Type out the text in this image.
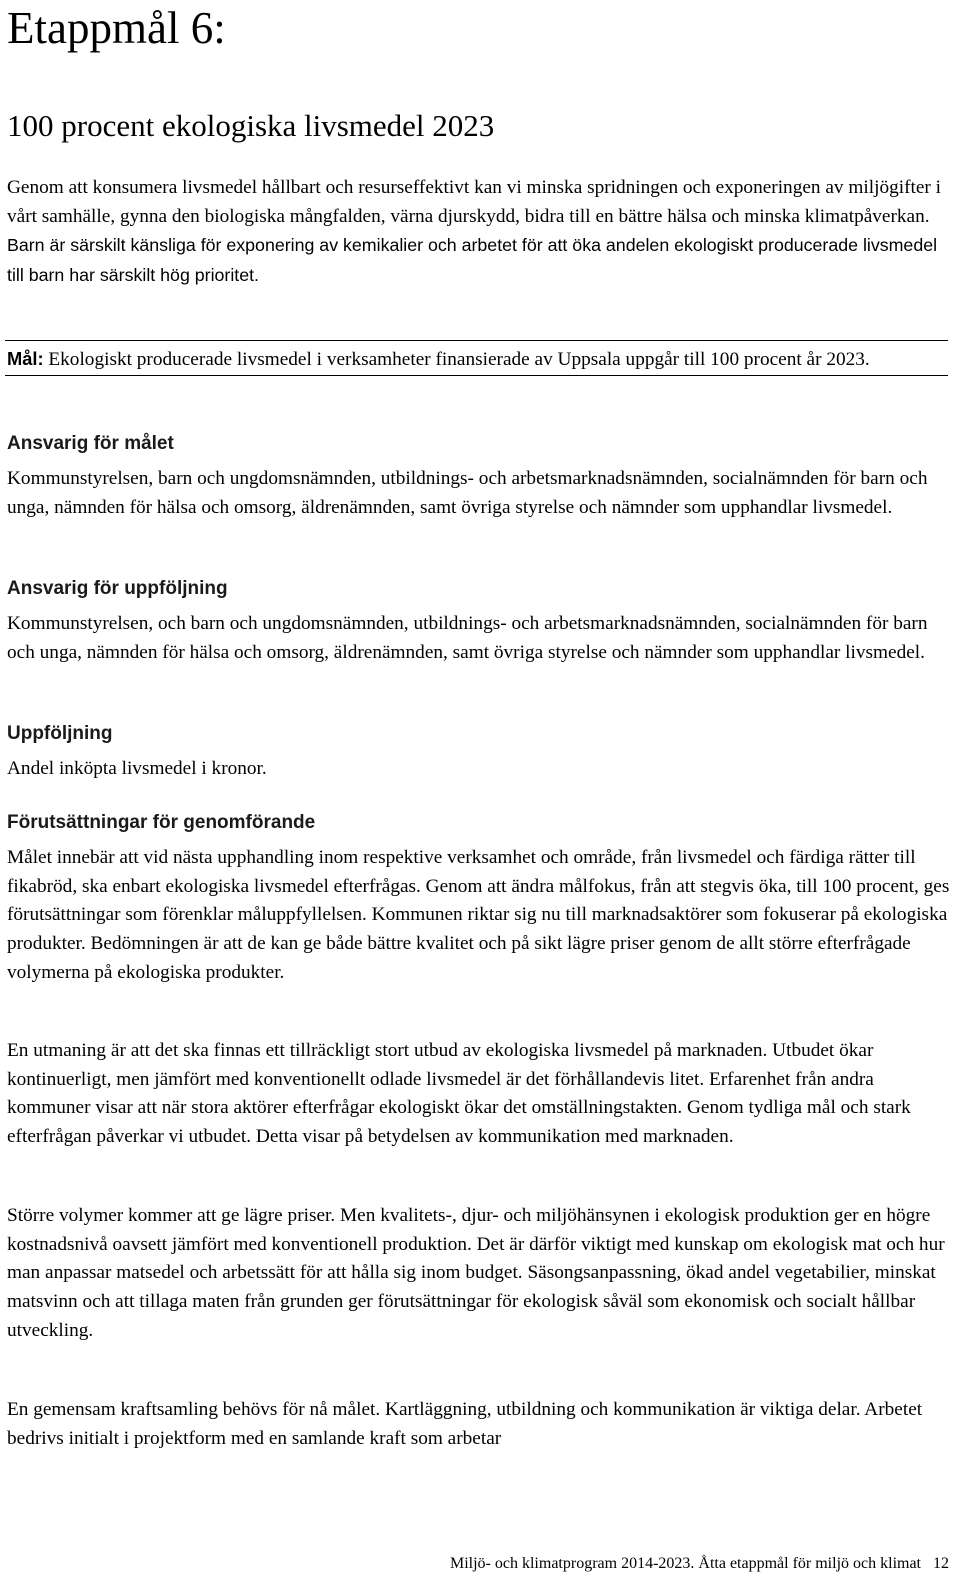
Etappmål 6:
100 procent ekologiska livsmedel 2023

Genom att konsumera livsmedel hållbart och resurseffektivt kan vi minska spridningen och exponeringen av miljögifter i vårt samhälle, gynna den biologiska mångfalden, värna djurskydd, bidra till en bättre hälsa och minska klimatpåverkan. Barn är särskilt känsliga för exponering av kemikalier och arbetet för att öka andelen ekologiskt producerade livsmedel till barn har särskilt hög prioritet.

Mål: Ekologiskt producerade livsmedel i verksamheter finansierade av Uppsala uppgår till 100 procent år 2023.

Ansvarig för målet

Kommunstyrelsen, barn och ungdomsnämnden, utbildnings- och arbetsmarknadsnämnden, socialnämnden för barn och unga, nämnden för hälsa och omsorg, äldrenämnden, samt övriga styrelse och nämnder som upphandlar livsmedel.

Ansvarig för uppföljning

Kommunstyrelsen, och barn och ungdomsnämnden, utbildnings- och arbetsmarknadsnämnden, socialnämnden för barn och unga, nämnden för hälsa och omsorg, äldrenämnden, samt övriga styrelse och nämnder som upphandlar livsmedel.

Uppföljning

Andel inköpta livsmedel i kronor.

Förutsättningar för genomförande

Målet innebär att vid nästa upphandling inom respektive verksamhet och område, från livsmedel och färdiga rätter till fikabröd, ska enbart ekologiska livsmedel efterfrågas. Genom att ändra målfokus, från att stegvis öka, till 100 procent, ges förutsättningar som förenklar måluppfyllelsen. Kommunen riktar sig nu till marknadsaktörer som fokuserar på ekologiska produkter. Bedömningen är att de kan ge både bättre kvalitet och på sikt lägre priser genom de allt större efterfrågade volymerna på ekologiska produkter.

En utmaning är att det ska finnas ett tillräckligt stort utbud av ekologiska livsmedel på marknaden. Utbudet ökar kontinuerligt, men jämfört med konventionellt odlade livsmedel är det förhållandevis litet. Erfarenhet från andra kommuner visar att när stora aktörer efterfrågar ekologiskt ökar det omställningstakten. Genom tydliga mål och stark efterfrågan påverkar vi utbudet. Detta visar på betydelsen av kommunikation med marknaden.

Större volymer kommer att ge lägre priser. Men kvalitets-, djur- och miljöhänsynen i ekologisk produktion ger en högre kostnadsnivå oavsett jämfört med konventionell produktion. Det är därför viktigt med kunskap om ekologisk mat och hur man anpassar matsedel och arbetssätt för att hålla sig inom budget. Säsongsanpassning, ökad andel vegetabilier, minskat matsvinn och att tillaga maten från grunden ger förutsättningar för ekologisk såväl som ekonomisk och socialt hållbar utveckling.

En gemensam kraftsamling behövs för nå målet. Kartläggning, utbildning och kommunikation är viktiga delar. Arbetet bedrivs initialt i projektform med en samlande kraft som arbetar

Miljö- och klimatprogram 2014-2023. Åtta etappmål för miljö och klimat 12
